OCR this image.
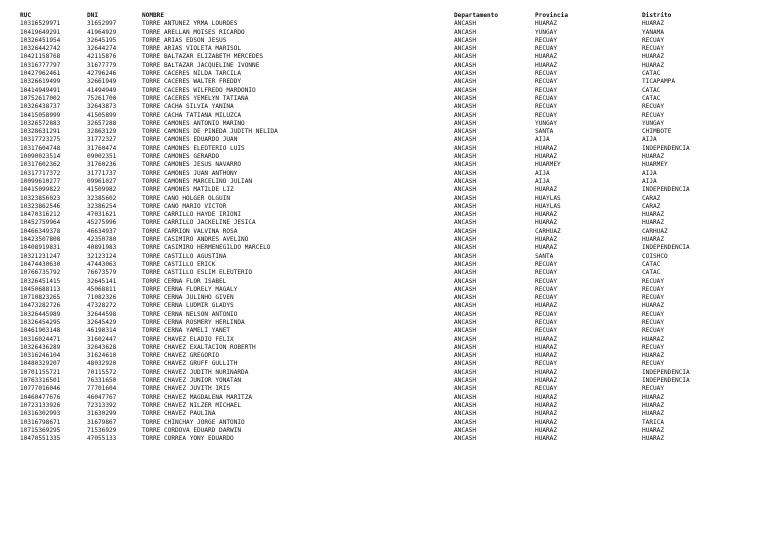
RUC	DNI	NOMBRE	Departamento	Provincia	Distrito
10316529971	31652997	TORRE ANTUNEZ YRMA LOURDES	ANCASH	HUARAZ	HUARAZ
10419649291	41964929	TORRE ARELLAN MOISES RICARDO	ANCASH	YUNGAY	YANAMA
10326451954	32645195	TORRE ARIAS EDSON JESUS	ANCASH	RECUAY	RECUAY
10326442742	32644274	TORRE ARIAS VIOLETA MARISOL	ANCASH	RECUAY	RECUAY
10421158768	42115876	TORRE BALTAZAR ELIZABETH MERCEDES	ANCASH	HUARAZ	HUARAZ
10316777797	31677779	TORRE BALTAZAR JACQUELINE IVONNE	ANCASH	HUARAZ	HUARAZ
10427962461	42796246	TORRE CACERES NILDA TARCILA	ANCASH	RECUAY	CATAC
10326619499	32661949	TORRE CACERES WALTER FREDDY	ANCASH	RECUAY	TICAPAMPA
10414949491	41494949	TORRE CACERES WILFREDO MARDONIO	ANCASH	RECUAY	CATAC
10752617002	75261700	TORRE CACERES YEMELYN TATIANA	ANCASH	RECUAY	CATAC
10326438737	32643873	TORRE CACHA SILVIA YANINA	ANCASH	RECUAY	RECUAY
10415058999	41505899	TORRE CACHA TATIANA MILUZCA	ANCASH	RECUAY	RECUAY
10326572883	32657288	TORRE CAMONES ANTONIO MARINO	ANCASH	YUNGAY	YUNGAY
10328631291	32863129	TORRE CAMONES DE PINEDA JUDITH NELIDA	ANCASH	SANTA	CHIMBOTE
10317723275	31772327	TORRE CAMONES EDUARDO JUAN	ANCASH	AIJA	AIJA
10317604748	31760474	TORRE CAMONES ELEOTERIO LUIS	ANCASH	HUARAZ	INDEPENDENCIA
10090023514	09002351	TORRE CAMONES GERARDO	ANCASH	HUARAZ	HUARAZ
10317602362	31760236	TORRE CAMONES JESUS NAVARRO	ANCASH	HUARMEY	HUARMEY
10317717372	31771737	TORRE CAMONES JUAN ANTHONY	ANCASH	AIJA	AIJA
10099610277	09961027	TORRE CAMONES MARCELINO JULIAN	ANCASH	AIJA	AIJA
10415099822	41509982	TORRE CAMONES MATILDE LIZ	ANCASH	HUARAZ	INDEPENDENCIA
10323856023	32385602	TORRE CANO HOLGER OLGUIN	ANCASH	HUAYLAS	CARAZ
10323862546	32386254	TORRE CANO MARIO VICTOR	ANCASH	HUAYLAS	CARAZ
10470316212	47031621	TORRE CARRILLO HAYDE IRIONI	ANCASH	HUARAZ	HUARAZ
10452759964	45275996	TORRE CARRILLO JACKELINE JESICA	ANCASH	HUARAZ	HUARAZ
10466349378	46634937	TORRE CARRION VALVINA ROSA	ANCASH	CARHUAZ	CARHUAZ
10423507808	42350780	TORRE CASIMIRO ANDRES AVELINO	ANCASH	HUARAZ	HUARAZ
10408919831	40891983	TORRE CASIMIRO HERMENEGILDO MARCELO	ANCASH	HUARAZ	INDEPENDENCIA
10321231247	32123124	TORRE CASTILLO AGUSTINA	ANCASH	SANTA	COISHCO
10474430630	47443063	TORRE CASTILLO ERICK	ANCASH	RECUAY	CATAC
10766735792	76673579	TORRE CASTILLO ESLIM ELEUTERIO	ANCASH	RECUAY	CATAC
10326451415	32645141	TORRE CERNA FLOR ISABEL	ANCASH	RECUAY	RECUAY
10450688113	45068811	TORRE CERNA FLORELY MAGALY	ANCASH	RECUAY	RECUAY
10710823265	71082326	TORRE CERNA JULINHO GIVEN	ANCASH	RECUAY	RECUAY
10473282726	47328272	TORRE CERNA LUDMIR GLADYS	ANCASH	HUARAZ	HUARAZ
10326445989	32644598	TORRE CERNA NELSON ANTONIO	ANCASH	RECUAY	RECUAY
10326454295	32645429	TORRE CERNA ROSMERY HERLINDA	ANCASH	RECUAY	RECUAY
10461903148	46190314	TORRE CERNA YAMELI YANET	ANCASH	RECUAY	RECUAY
10316024471	31602447	TORRE CHAVEZ ELADIO FELIX	ANCASH	HUARAZ	HUARAZ
10326436289	32643628	TORRE CHAVEZ EXALTACION ROBERTH	ANCASH	HUARAZ	RECUAY
10316246104	31624610	TORRE CHAVEZ GREGORIO	ANCASH	HUARAZ	HUARAZ
10480329207	48032920	TORRE CHAVEZ GRUFF GULLITH	ANCASH	RECUAY	RECUAY
10701155721	70115572	TORRE CHAVEZ JUDITH NURINARDA	ANCASH	HUARAZ	INDEPENDENCIA
10763316501	76331650	TORRE CHAVEZ JUNIOR YONATAN	ANCASH	HUARAZ	INDEPENDENCIA
10777016046	77701604	TORRE CHAVEZ JUVITH IRIS	ANCASH	RECUAY	RECUAY
10460477676	46047767	TORRE CHAVEZ MAGDALENA MARITZA	ANCASH	HUARAZ	HUARAZ
10723133926	72313392	TORRE CHAVEZ NILZER MICHAEL	ANCASH	HUARAZ	HUARAZ
10316302993	31630299	TORRE CHAVEZ PAULINA	ANCASH	HUARAZ	HUARAZ
10316798671	31679867	TORRE CHINCHAY JORGE ANTONIO	ANCASH	HUARAZ	TARICA
10715369295	71536929	TORRE CORDOVA EDUARD DARWIN	ANCASH	HUARAZ	HUARAZ
10470551335	47055133	TORRE CORREA YONY EDUARDO	ANCASH	HUARAZ	HUARAZ
